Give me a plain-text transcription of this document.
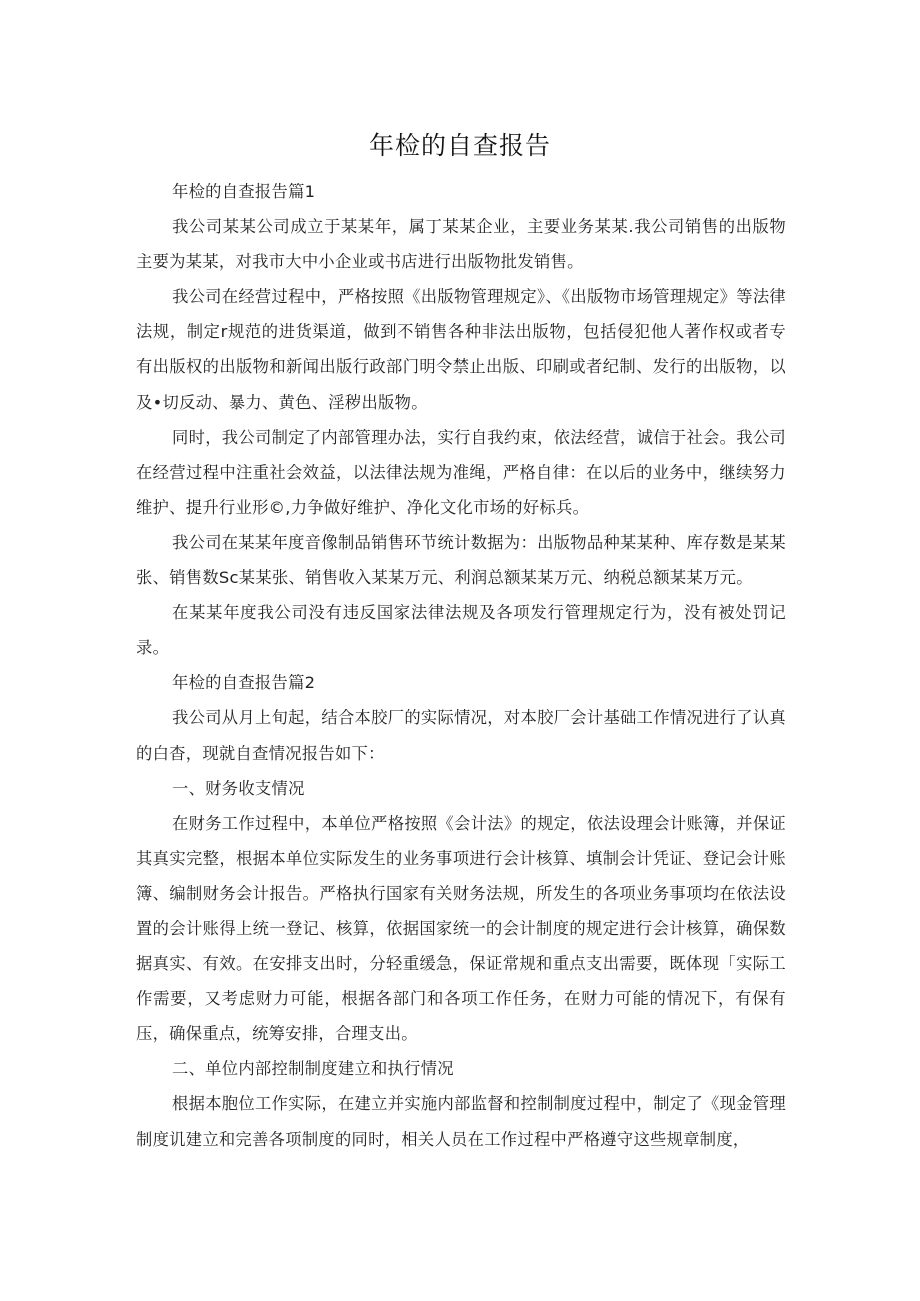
年检的自查报告

年检的自查报告篇1

我公司某某公司成立于某某年，属丁某某企业，主要业务某某.我公司销售的出版物主要为某某，对我市大中小企业或书店进行出版物批发销售。

我公司在经营过程中，严格按照《出版物管理规定》、《出版物市场管理规定》等法律法规，制定r规范的进货渠道，做到不销售各种非法出版物，包括侵犯他人著作权或者专有出版权的出版物和新闻出版行政部门明令禁止出版、印刷或者纪制、发行的出版物，以及•切反动、暴力、黄色、淫秽出版物。

同时，我公司制定了内部管理办法，实行自我约束，依法经营，诚信于社会。我公司在经营过程中注重社会效益，以法律法规为准绳，严格自律：在以后的业务中，继续努力维护、提升行业形©,力争做好维护、净化文化市场的好标兵。

我公司在某某年度音像制品销售环节统计数据为：出版物品种某某种、库存数是某某张、销售数Sc某某张、销售收入某某万元、利润总额某某万元、纳税总额某某万元。

在某某年度我公司没有违反国家法律法规及各项发行管理规定行为，没有被处罚记录。

年检的自查报告篇2

我公司从月上旬起，结合本胶厂的实际情况，对本胶厂会计基础工作情况进行了认真的白杳，现就自查情况报告如下：

一、财务收支情况

在财务工作过程中，本单位严格按照《会计法》的规定，依法设理会计账簿，并保证其真实完整，根据本单位实际发生的业务事项进行会计核算、填制会计凭证、登记会计账簿、编制财务会计报告。严格执行国家有关财务法规，所发生的各项业务事项均在依法设置的会计账得上统一登记、核算，依据国家统一的会计制度的规定进行会计核算，确保数据真实、有效。在安排支出时，分轻重缓急，保证常规和重点支出需要，既体现「实际工作需要，又考虑财力可能，根据各部门和各项工作任务，在财力可能的情况下，有保有压，确保重点，统筹安排，合理支出。

二、单位内部控制制度建立和执行情况

根据本胞位工作实际，在建立并实施内部监督和控制制度过程中，制定了《现金管理制度讥建立和完善各项制度的同时，相关人员在工作过程中严格遵守这些规章制度，
